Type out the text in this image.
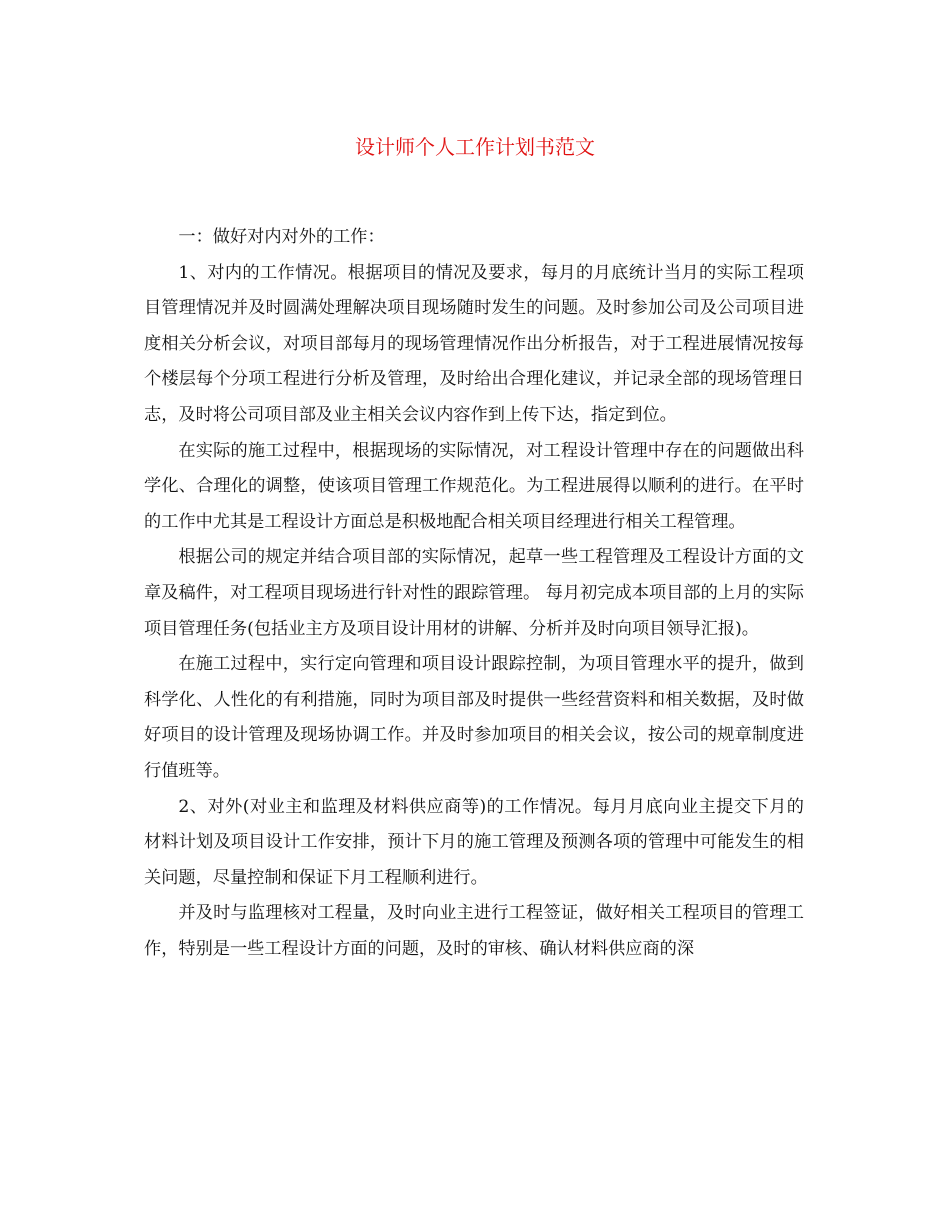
设计师个人工作计划书范文

一：做好对内对外的工作：

1、对内的工作情况。根据项目的情况及要求，每月的月底统计当月的实际工程项目管理情况并及时圆满处理解决项目现场随时发生的问题。及时参加公司及公司项目进度相关分析会议，对项目部每月的现场管理情况作出分析报告，对于工程进展情况按每个楼层每个分项工程进行分析及管理，及时给出合理化建议，并记录全部的现场管理日志，及时将公司项目部及业主相关会议内容作到上传下达，指定到位。

在实际的施工过程中，根据现场的实际情况，对工程设计管理中存在的问题做出科学化、合理化的调整，使该项目管理工作规范化。为工程进展得以顺利的进行。在平时的工作中尤其是工程设计方面总是积极地配合相关项目经理进行相关工程管理。

根据公司的规定并结合项目部的实际情况，起草一些工程管理及工程设计方面的文章及稿件，对工程项目现场进行针对性的跟踪管理。 每月初完成本项目部的上月的实际项目管理任务(包括业主方及项目设计用材的讲解、分析并及时向项目领导汇报)。

在施工过程中，实行定向管理和项目设计跟踪控制，为项目管理水平的提升，做到科学化、人性化的有利措施，同时为项目部及时提供一些经营资料和相关数据，及时做好项目的设计管理及现场协调工作。并及时参加项目的相关会议，按公司的规章制度进行值班等。

2、对外(对业主和监理及材料供应商等)的工作情况。每月月底向业主提交下月的材料计划及项目设计工作安排，预计下月的施工管理及预测各项的管理中可能发生的相关问题，尽量控制和保证下月工程顺利进行。

并及时与监理核对工程量，及时向业主进行工程签证，做好相关工程项目的管理工作，特别是一些工程设计方面的问题，及时的审核、确认材料供应商的深
